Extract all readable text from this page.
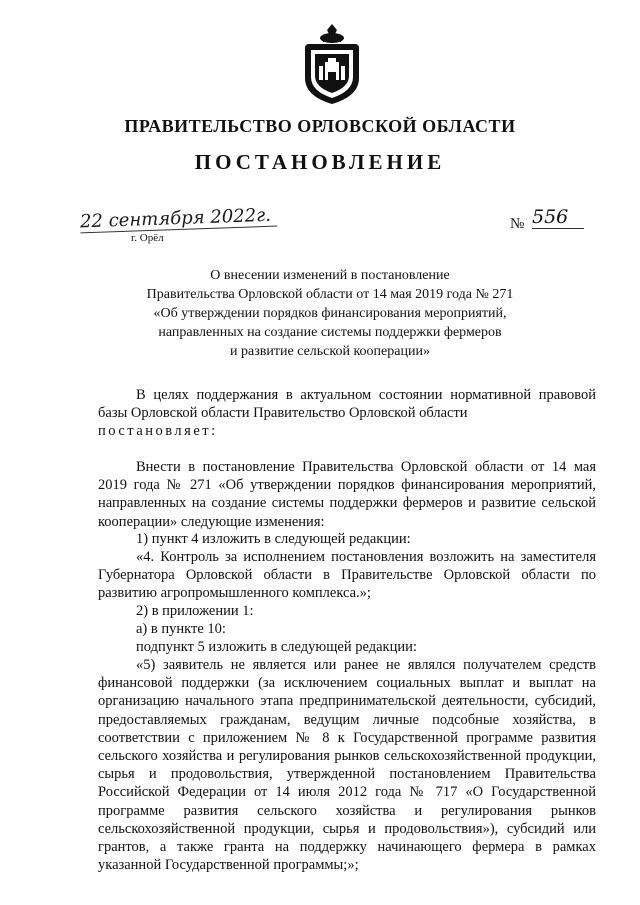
ПРАВИТЕЛЬСТВО ОРЛОВСКОЙ ОБЛАСТИ
ПОСТАНОВЛЕНИЕ
22 сентября 2022г.
г. Орёл
№ 556
О внесении изменений в постановление
Правительства Орловской области от 14 мая 2019 года № 271
«Об утверждении порядков финансирования мероприятий,
направленных на создание системы поддержки фермеров
и развитие сельской кооперации»

В целях поддержания в актуальном состоянии нормативной правовой базы Орловской области Правительство Орловской области

постановляет:

Внести в постановление Правительства Орловской области от 14 мая 2019 года № 271 «Об утверждении порядков финансирования мероприятий, направленных на создание системы поддержки фермеров и развитие сельской кооперации» следующие изменения:

1) пункт 4 изложить в следующей редакции:

«4. Контроль за исполнением постановления возложить на заместителя Губернатора Орловской области в Правительстве Орловской области по развитию агропромышленного комплекса.»;

2) в приложении 1:

а) в пункте 10:

подпункт 5 изложить в следующей редакции:

«5) заявитель не является или ранее не являлся получателем средств финансовой поддержки (за исключением социальных выплат и выплат на организацию начального этапа предпринимательской деятельности, субсидий, предоставляемых гражданам, ведущим личные подсобные хозяйства, в соответствии с приложением № 8 к Государственной программе развития сельского хозяйства и регулирования рынков сельскохозяйственной продукции, сырья и продовольствия, утвержденной постановлением Правительства Российской Федерации от 14 июля 2012 года № 717 «О Государственной программе развития сельского хозяйства и регулирования рынков сельскохозяйственной продукции, сырья и продовольствия»), субсидий или грантов, а также гранта на поддержку начинающего фермера в рамках указанной Государственной программы;»;
